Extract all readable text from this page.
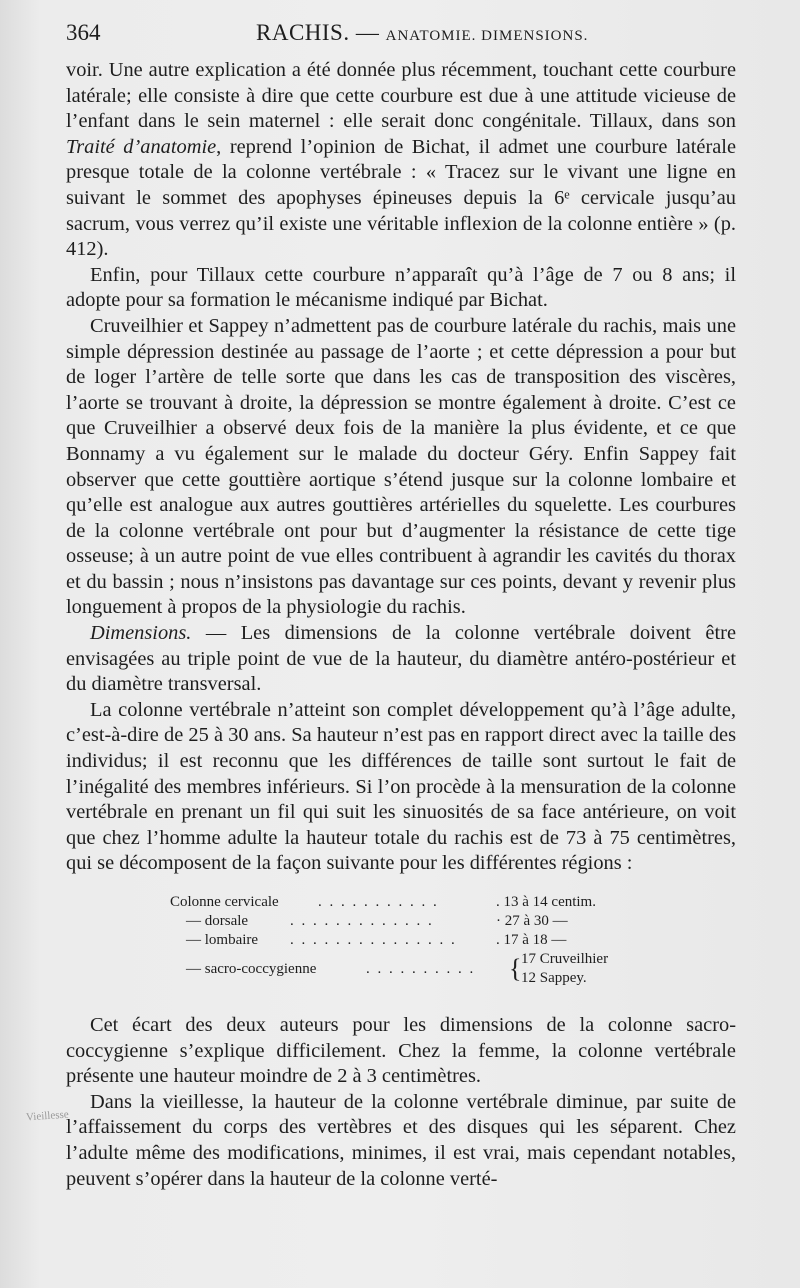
364	RACHIS. — ANATOMIE. DIMENSIONS.

voir. Une autre explication a été donnée plus récemment, touchant cette courbure latérale; elle consiste à dire que cette courbure est due à une attitude vicieuse de l’enfant dans le sein maternel : elle serait donc congénitale. Tillaux, dans son Traité d’anatomie, reprend l’opinion de Bichat, il admet une courbure latérale presque totale de la colonne vertébrale : « Tracez sur le vivant une ligne en suivant le sommet des apophyses épineuses depuis la 6ᵉ cervicale jusqu’au sacrum, vous verrez qu’il existe une véritable inflexion de la colonne entière » (p. 412).

Enfin, pour Tillaux cette courbure n’apparaît qu’à l’âge de 7 ou 8 ans; il adopte pour sa formation le mécanisme indiqué par Bichat.

Cruveilhier et Sappey n’admettent pas de courbure latérale du rachis, mais une simple dépression destinée au passage de l’aorte ; et cette dépression a pour but de loger l’artère de telle sorte que dans les cas de transposition des viscères, l’aorte se trouvant à droite, la dépression se montre également à droite. C’est ce que Cruveilhier a observé deux fois de la manière la plus évidente, et ce que Bonnamy a vu également sur le malade du docteur Géry. Enfin Sappey fait observer que cette gouttière aortique s’étend jusque sur la colonne lombaire et qu’elle est analogue aux autres gouttières artérielles du squelette. Les courbures de la colonne vertébrale ont pour but d’augmenter la résistance de cette tige osseuse; à un autre point de vue elles contribuent à agrandir les cavités du thorax et du bassin ; nous n’insistons pas davantage sur ces points, devant y revenir plus longuement à propos de la physiologie du rachis.

Dimensions. — Les dimensions de la colonne vertébrale doivent être envisagées au triple point de vue de la hauteur, du diamètre antéro-postérieur et du diamètre transversal.

La colonne vertébrale n’atteint son complet développement qu’à l’âge adulte, c’est-à-dire de 25 à 30 ans. Sa hauteur n’est pas en rapport direct avec la taille des individus; il est reconnu que les différences de taille sont surtout le fait de l’inégalité des membres inférieurs. Si l’on procède à la mensuration de la colonne vertébrale en prenant un fil qui suit les sinuosités de sa face antérieure, on voit que chez l’homme adulte la hauteur totale du rachis est de 73 à 75 centimètres, qui se décomposent de la façon suivante pour les différentes régions :

Colonne cervicale	. . . . . . . . . . .	. 13 à 14 centim.
— dorsale	. . . . . . . . . . . . .	· 27 à 30 —
— lombaire . . . . . . . . . . . . . . .	. 17 à 18 —
— sacro-coccygienne	. . . . . . . . . . { 17 Cruveilhier
12 Sappey.

Cet écart des deux auteurs pour les dimensions de la colonne sacro-coccygienne s’explique difficilement. Chez la femme, la colonne vertébrale présente une hauteur moindre de 2 à 3 centimètres.

Dans la vieillesse, la hauteur de la colonne vertébrale diminue, par suite de l’affaissement du corps des vertèbres et des disques qui les séparent. Chez l’adulte même des modifications, minimes, il est vrai, mais cependant notables, peuvent s’opérer dans la hauteur de la colonne verté-

Vieillesse
